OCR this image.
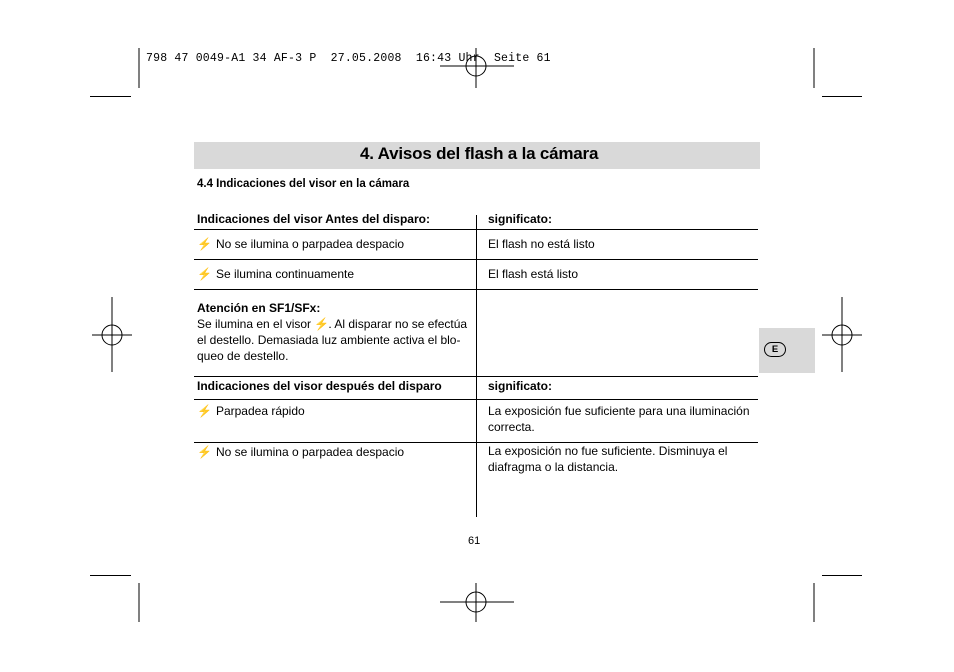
798 47 0049-A1 34 AF-3 P  27.05.2008  16:43 Uhr  Seite 61
4. Avisos del flash a la cámara
4.4 Indicaciones del visor en la cámara
Indicaciones del visor Antes del disparo:	significato:
⚡ No se ilumina o parpadea despacio	El flash no está listo
⚡ Se ilumina continuamente	El flash está listo
Atención en SF1/SFx:
Se ilumina en el visor ⚡. Al disparar no se efectúa
el destello. Demasiada luz ambiente activa el blo-
queo de destello.
Indicaciones del visor después del disparo	significato:
⚡ Parpadea rápido	La exposición fue suficiente para una iluminación
correcta.
⚡ No se ilumina o parpadea despacio	La exposición no fue suficiente. Disminuya el
diafragma o la distancia.
E
61
